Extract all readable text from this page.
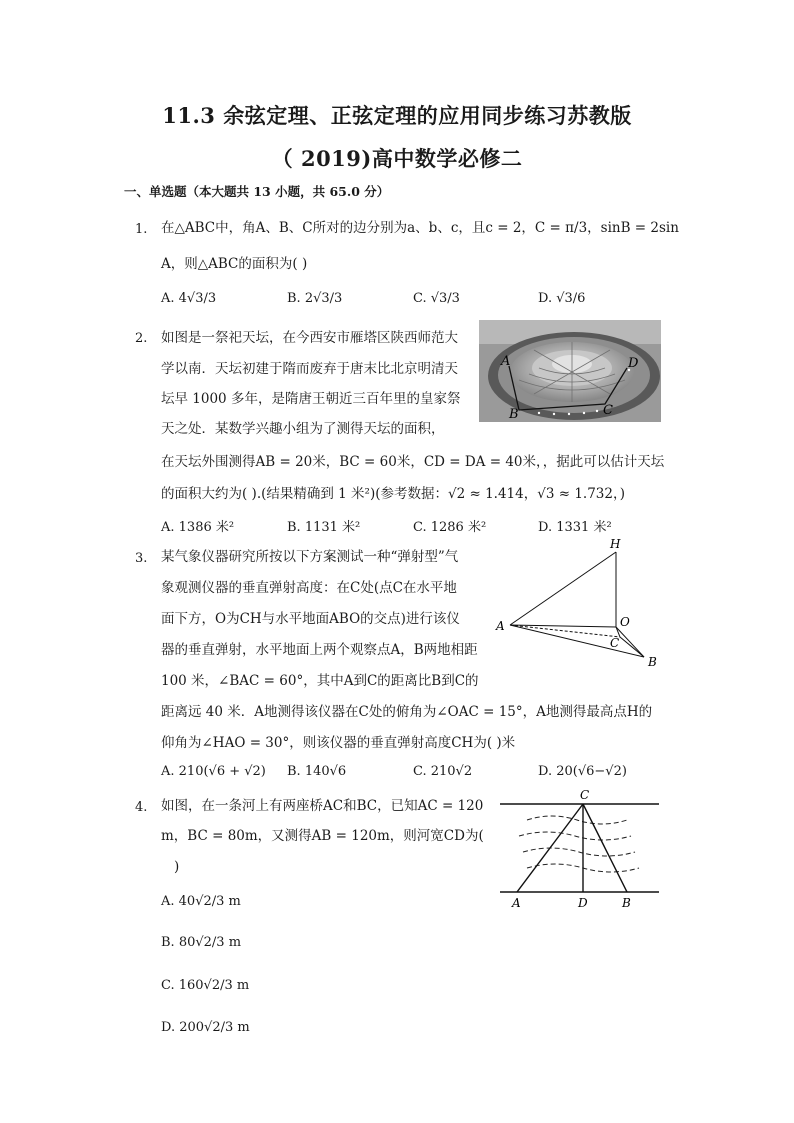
11.3 余弦定理、正弦定理的应用同步练习苏教版
（ 2019)高中数学必修二
一、单选题（本大题共 13 小题，共 65.0 分）
1. 在△ABC中，角A、B、C所对的边分别为a、b、c，且c = 2，C = π/3，sinB = 2sin
A，则△ABC的面积为( )
A. 4√3/3	B. 2√3/3	C. √3/3	D. √3/6
2. 如图是一祭祀天坛，在今西安市雁塔区陕西师范大
学以南．天坛初建于隋而废弃于唐末比北京明清天
坛早 1000 多年，是隋唐王朝近三百年里的皇家祭
天之处．某数学兴趣小组为了测得天坛的面积，
在天坛外围测得AB = 20米，BC = 60米，CD = DA = 40米，，据此可以估计天坛
的面积大约为( ).(结果精确到 1 米²)(参考数据：√2 ≈ 1.414，√3 ≈ 1.732，)
A. 1386 米²	B. 1131 米²	C. 1286 米²	D. 1331 米²
A
B	C
D
3. 某气象仪器研究所按以下方案测试一种“弹射型”气
象观测仪器的垂直弹射高度：在C处(点C在水平地
面下方，O为CH与水平地面ABO的交点)进行该仪
器的垂直弹射，水平地面上两个观察点A，B两地相距
100 米，∠BAC = 60°，其中A到C的距离比B到C的
距离远 40 米．A地测得该仪器在C处的俯角为∠OAC = 15°，A地测得最高点H的
仰角为∠HAO = 30°，则该仪器的垂直弹射高度CH为( )米
A. 210(√6 + √2) B. 140√6	C. 210√2	D. 20(√6−√2)
H
O
A
C
B
4. 如图，在一条河上有两座桥AC和BC，已知AC = 120
m，BC = 80m，又测得AB = 120m，则河宽CD为(
)
A. 40√2/3 m
B. 80√2/3 m
C. 160√2/3 m
D. 200√2/3 m
C
A	D	B
